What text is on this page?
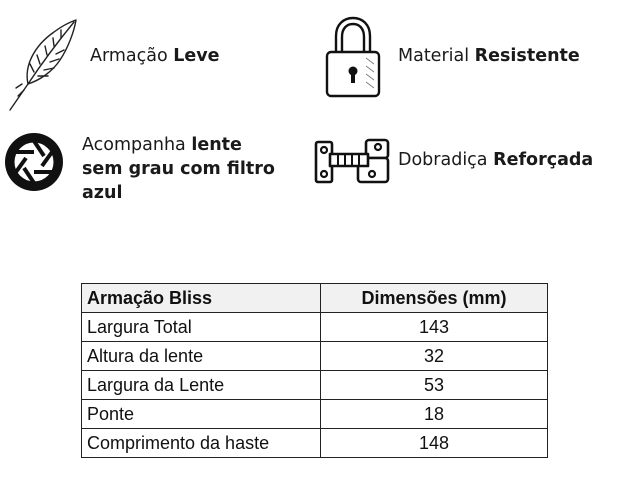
Armação Leve	Material Resistente
Acompanha lente sem grau com filtro azul
Dobradiça Reforçada
Armação Bliss	Dimensões (mm)
Largura Total	143
Altura da lente	32
Largura da Lente	53
Ponte	18
Comprimento da haste	148
